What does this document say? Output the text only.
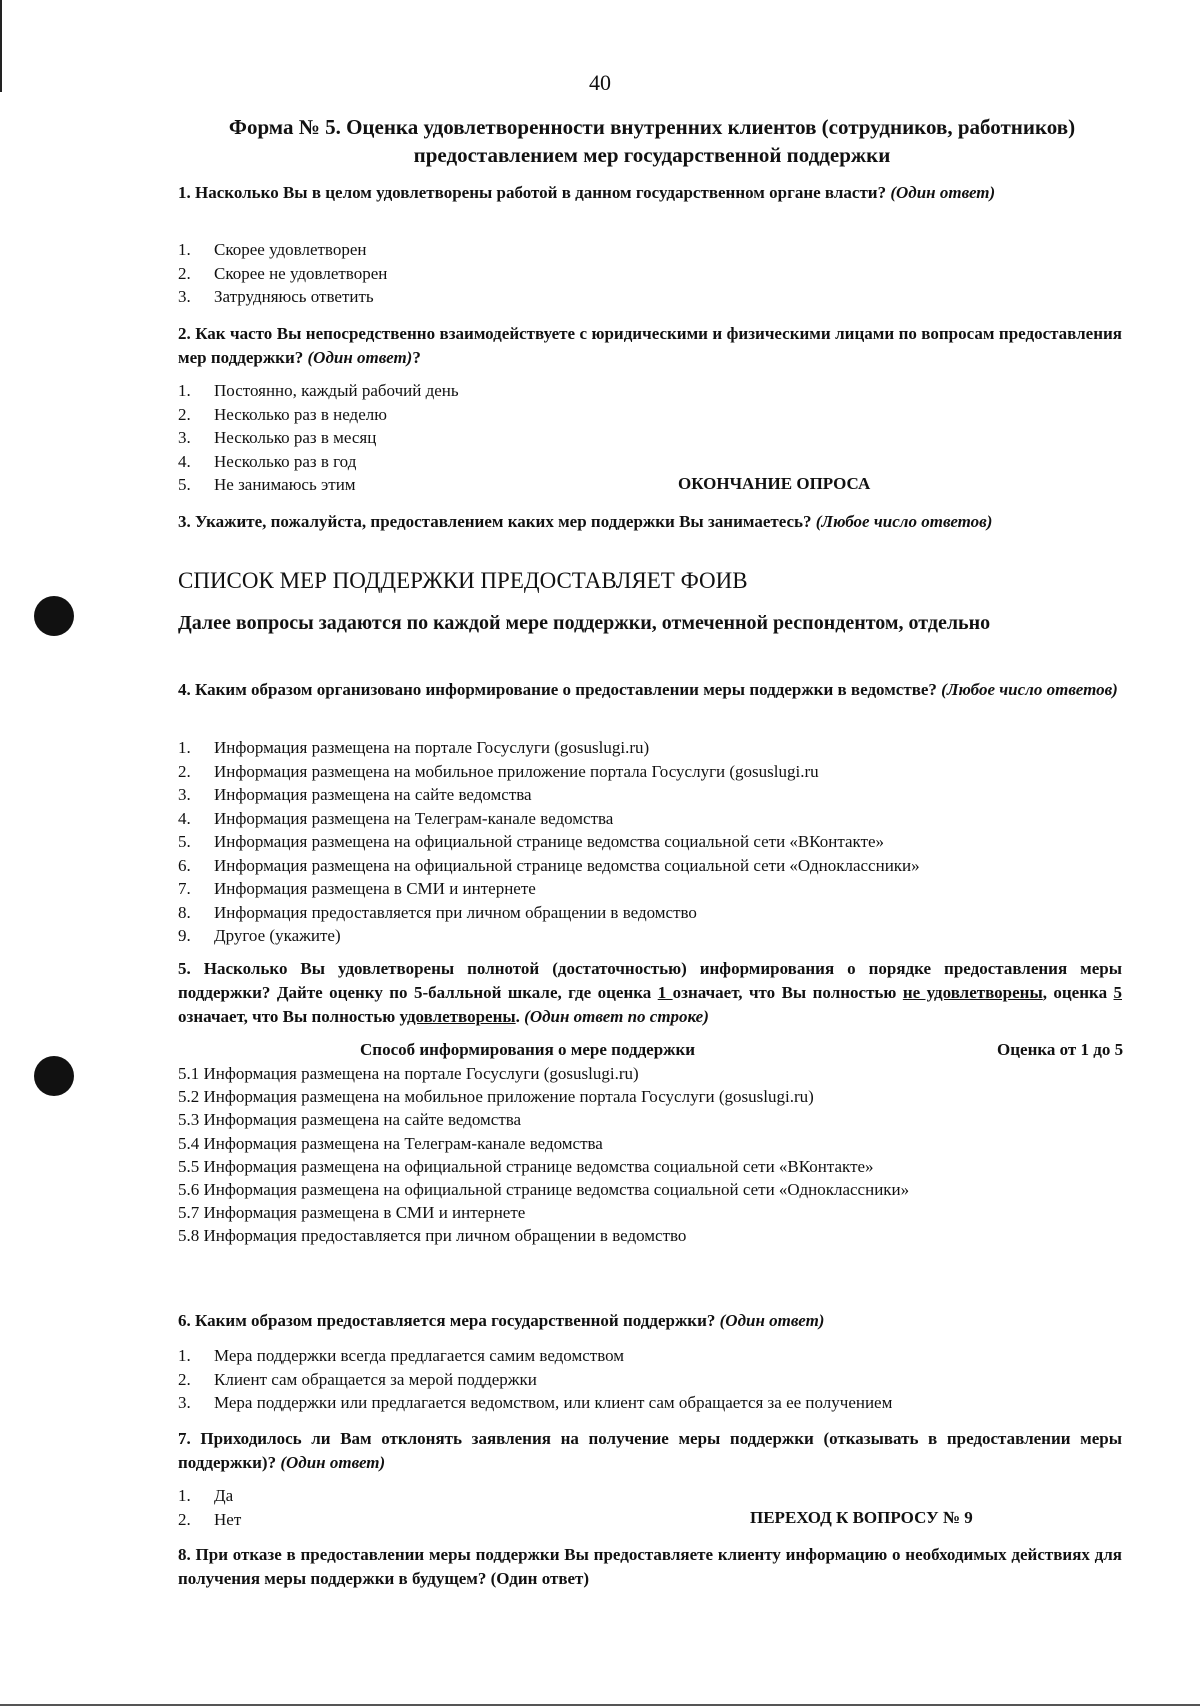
40
Форма № 5. Оценка удовлетворенности внутренних клиентов (сотрудников, работников) предоставлением мер государственной поддержки
1. Насколько Вы в целом удовлетворены работой в данном государственном органе власти? (Один ответ)
1. Скорее удовлетворен
2. Скорее не удовлетворен
3. Затрудняюсь ответить
2. Как часто Вы непосредственно взаимодействуете с юридическими и физическими лицами по вопросам предоставления мер поддержки? (Один ответ)?
1. Постоянно, каждый рабочий день
2. Несколько раз в неделю
3. Несколько раз в месяц
4. Несколько раз в год
5. Не занимаюсь этим	ОКОНЧАНИЕ ОПРОСА
3. Укажите, пожалуйста, предоставлением каких мер поддержки Вы занимаетесь? (Любое число ответов)
СПИСОК МЕР ПОДДЕРЖКИ ПРЕДОСТАВЛЯЕТ ФОИВ
Далее вопросы задаются по каждой мере поддержки, отмеченной респондентом, отдельно
4. Каким образом организовано информирование о предоставлении меры поддержки в ведомстве? (Любое число ответов)
1. Информация размещена на портале Госуслуги (gosuslugi.ru)
2. Информация размещена на мобильное приложение портала Госуслуги (gosuslugi.ru
3. Информация размещена на сайте ведомства
4. Информация размещена на Телеграм-канале ведомства
5. Информация размещена на официальной странице ведомства социальной сети «ВКонтакте»
6. Информация размещена на официальной странице ведомства социальной сети «Одноклассники»
7. Информация размещена в СМИ и интернете
8. Информация предоставляется при личном обращении в ведомство
9. Другое (укажите)
5. Насколько Вы удовлетворены полнотой (достаточностью) информирования о порядке предоставления меры поддержки? Дайте оценку по 5-балльной шкале, где оценка 1 означает, что Вы полностью не удовлетворены, оценка 5 означает, что Вы полностью удовлетворены. (Один ответ по строке)
Способ информирования о мере поддержки	Оценка от 1 до 5
5.1 Информация размещена на портале Госуслуги (gosuslugi.ru)
5.2 Информация размещена на мобильное приложение портала Госуслуги (gosuslugi.ru)
5.3 Информация размещена на сайте ведомства
5.4 Информация размещена на Телеграм-канале ведомства
5.5 Информация размещена на официальной странице ведомства социальной сети «ВКонтакте»
5.6 Информация размещена на официальной странице ведомства социальной сети «Одноклассники»
5.7 Информация размещена в СМИ и интернете
5.8 Информация предоставляется при личном обращении в ведомство
6. Каким образом предоставляется мера государственной поддержки? (Один ответ)
1. Мера поддержки всегда предлагается самим ведомством
2. Клиент сам обращается за мерой поддержки
3. Мера поддержки или предлагается ведомством, или клиент сам обращается за ее получением
7. Приходилось ли Вам отклонять заявления на получение меры поддержки (отказывать в предоставлении меры поддержки)? (Один ответ)
1. Да
2. Нет	ПЕРЕХОД К ВОПРОСУ № 9
8. При отказе в предоставлении меры поддержки Вы предоставляете клиенту информацию о необходимых действиях для получения меры поддержки в будущем? (Один ответ)
